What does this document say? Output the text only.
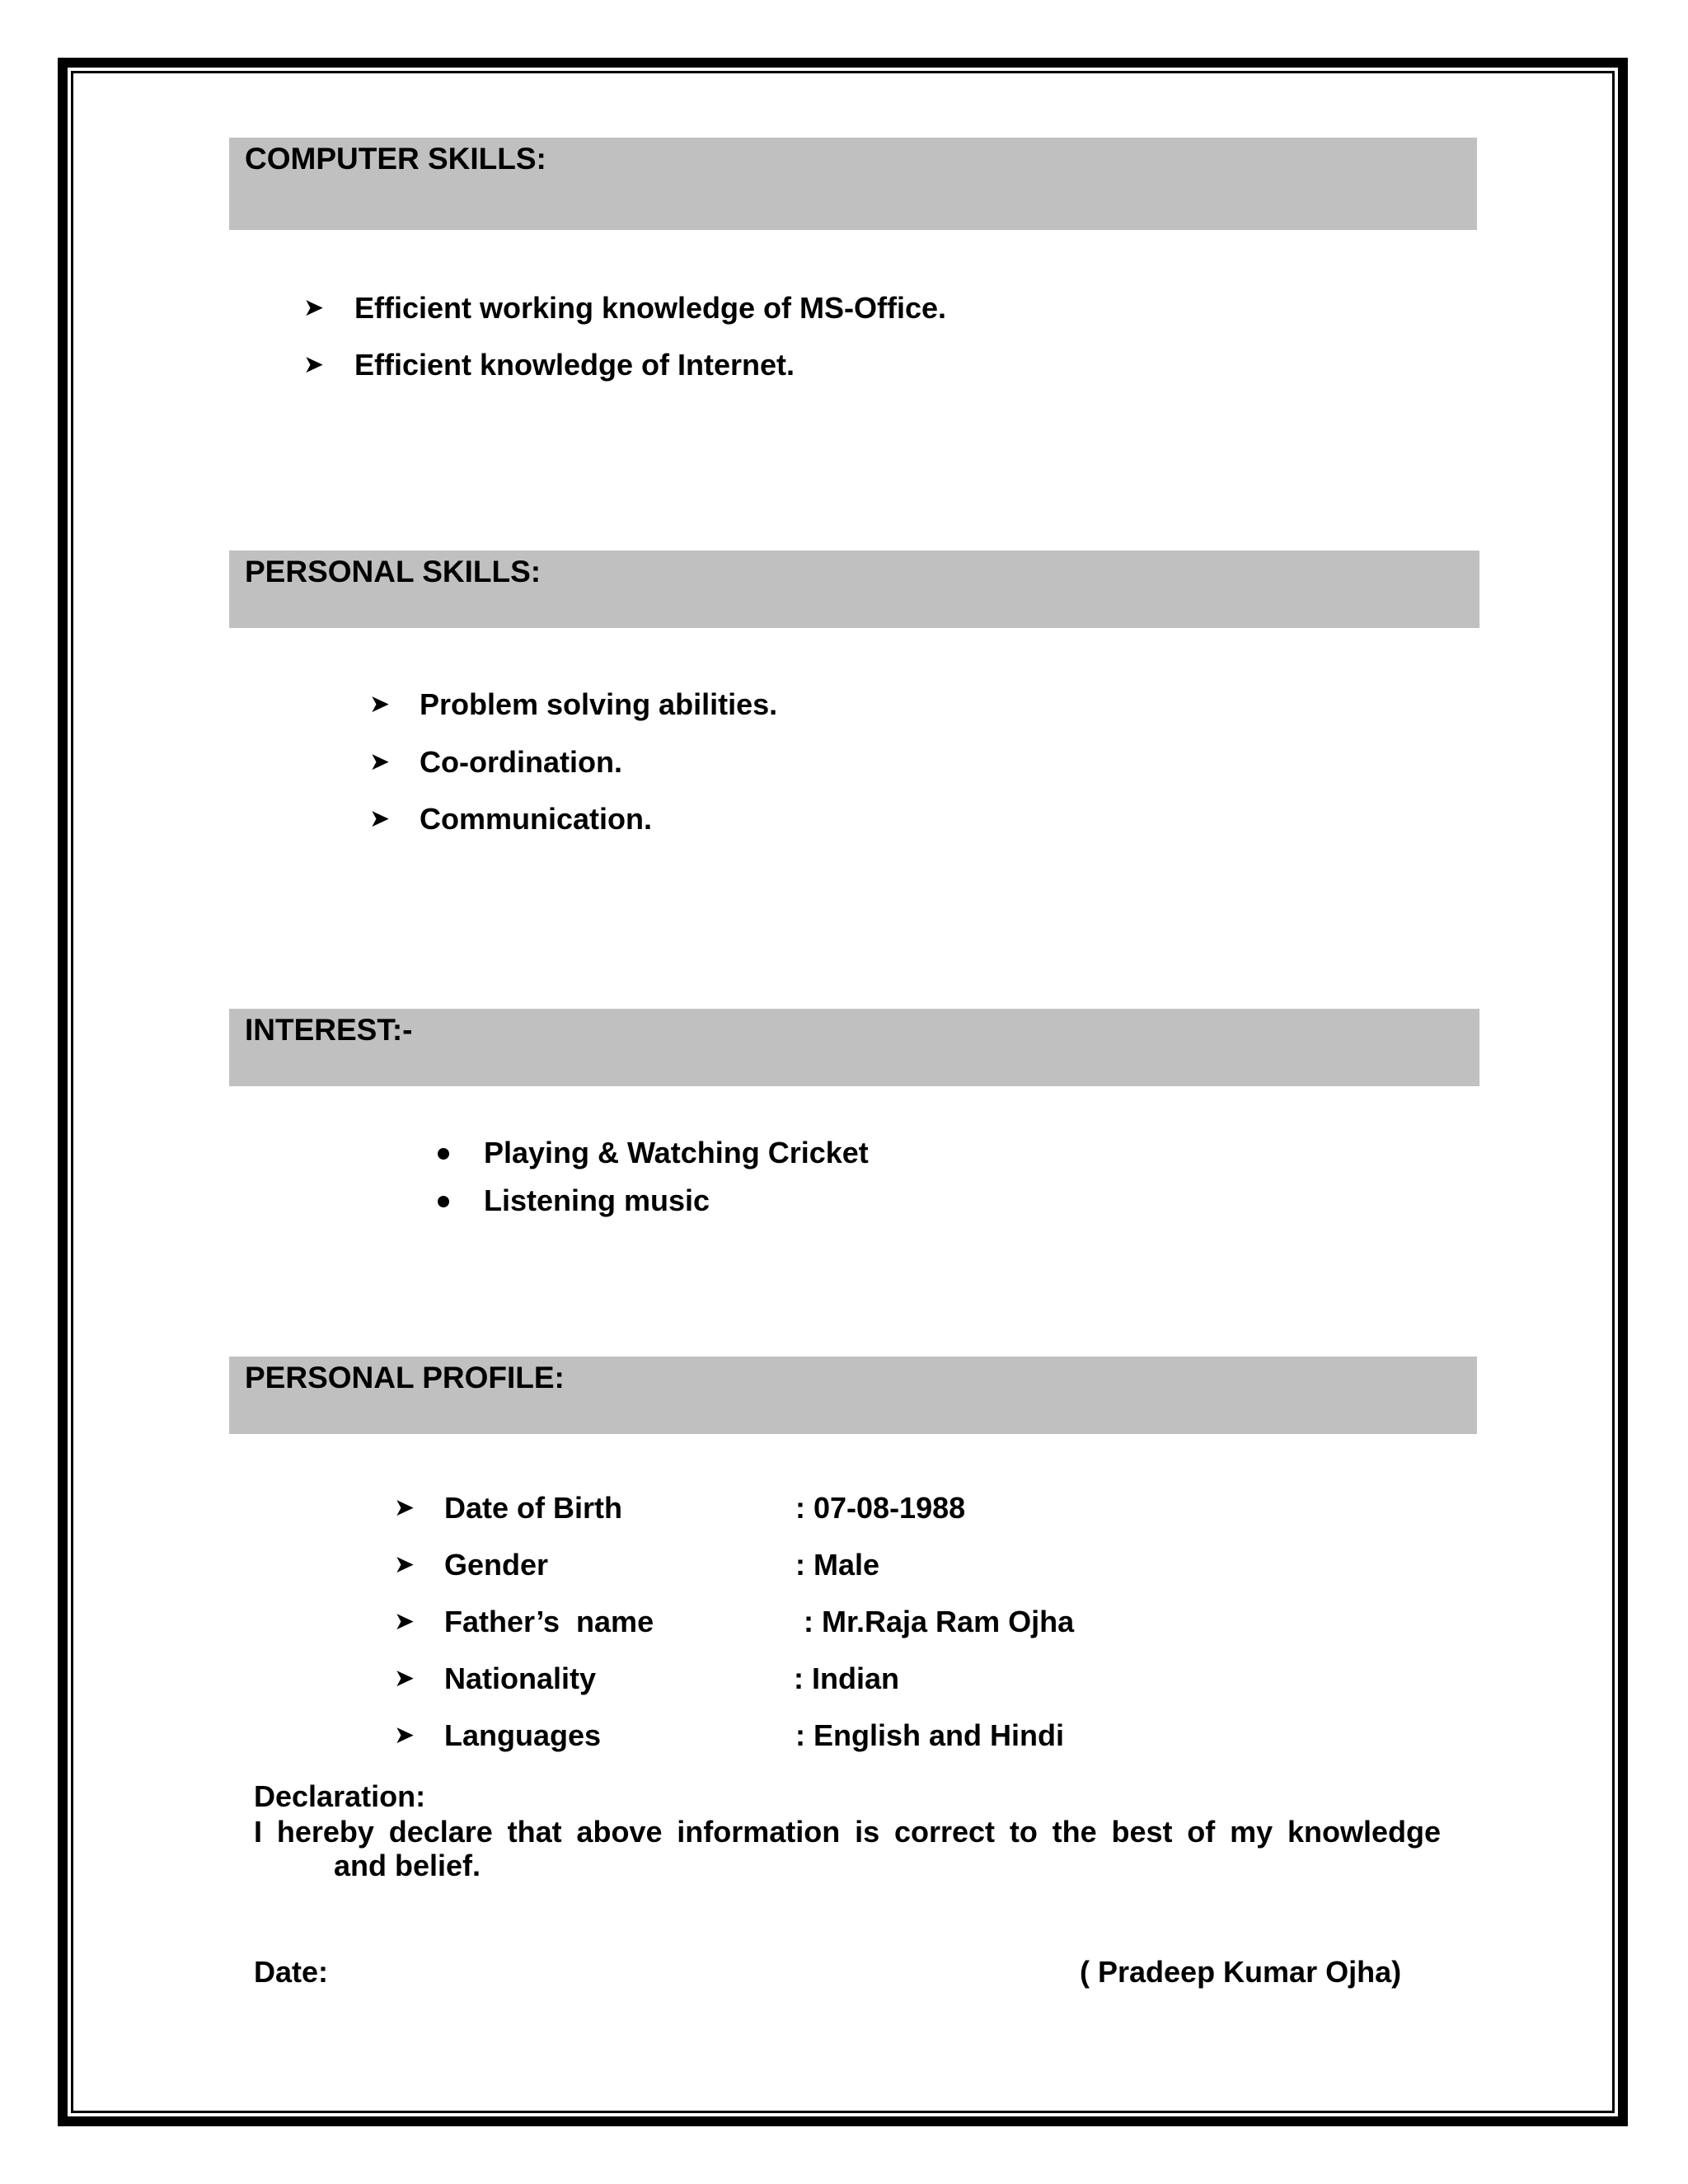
COMPUTER SKILLS:
➤ Efficient working knowledge of MS-Office.
➤ Efficient knowledge of Internet.
PERSONAL SKILLS:
➤ Problem solving abilities.
➤ Co-ordination.
➤ Communication.
INTEREST:-
Playing & Watching Cricket
Listening music
PERSONAL PROFILE:
➤ Date of Birth	: 07-08-1988
➤ Gender	: Male
➤ Father’s  name	: Mr.Raja Ram Ojha
➤ Nationality	: Indian
➤ Languages	: English and Hindi
Declaration:
I hereby declare that above information is correct to the best of my knowledge
and belief.
Date:	( Pradeep Kumar Ojha)
